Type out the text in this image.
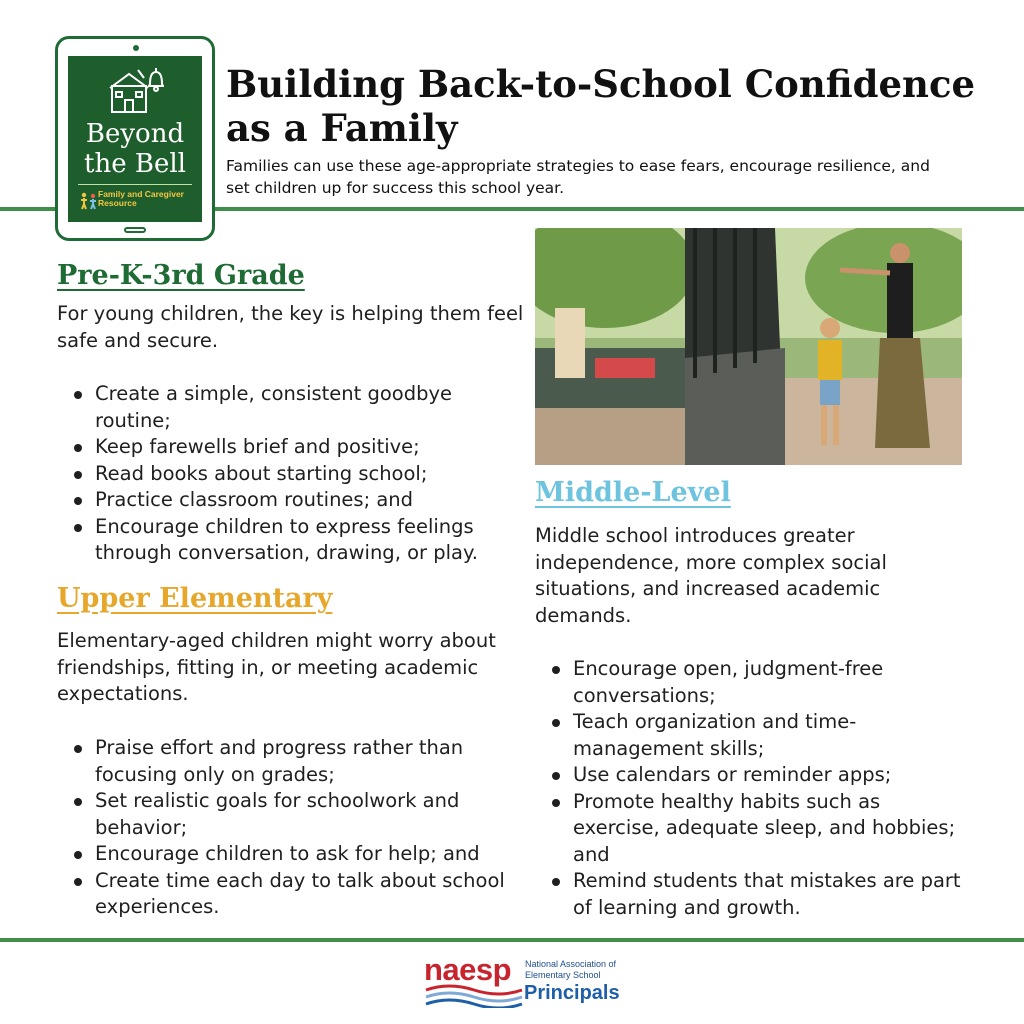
Beyond
the Bell
Family and Caregiver Resource
Building Back-to-School Confidence as a Family

Families can use these age-appropriate strategies to ease fears, encourage resilience, and set children up for success this school year.

Pre-K-3rd Grade

For young children, the key is helping them feel safe and secure.

Create a simple, consistent goodbye routine;
Keep farewells brief and positive;
Read books about starting school;
Practice classroom routines; and
Encourage children to express feelings through conversation, drawing, or play.
Upper Elementary

Elementary-aged children might worry about friendships, fitting in, or meeting academic expectations.

Praise effort and progress rather than focusing only on grades;
Set realistic goals for schoolwork and behavior;
Encourage children to ask for help; and
Create time each day to talk about school experiences.
Middle-Level

Middle school introduces greater independence, more complex social situations, and increased academic demands.

Encourage open, judgment-free conversations;
Teach organization and time-management skills;
Use calendars or reminder apps;
Promote healthy habits such as exercise, adequate sleep, and hobbies; and
Remind students that mistakes are part of learning and growth.
naesp National Association of Elementary School
Principals
